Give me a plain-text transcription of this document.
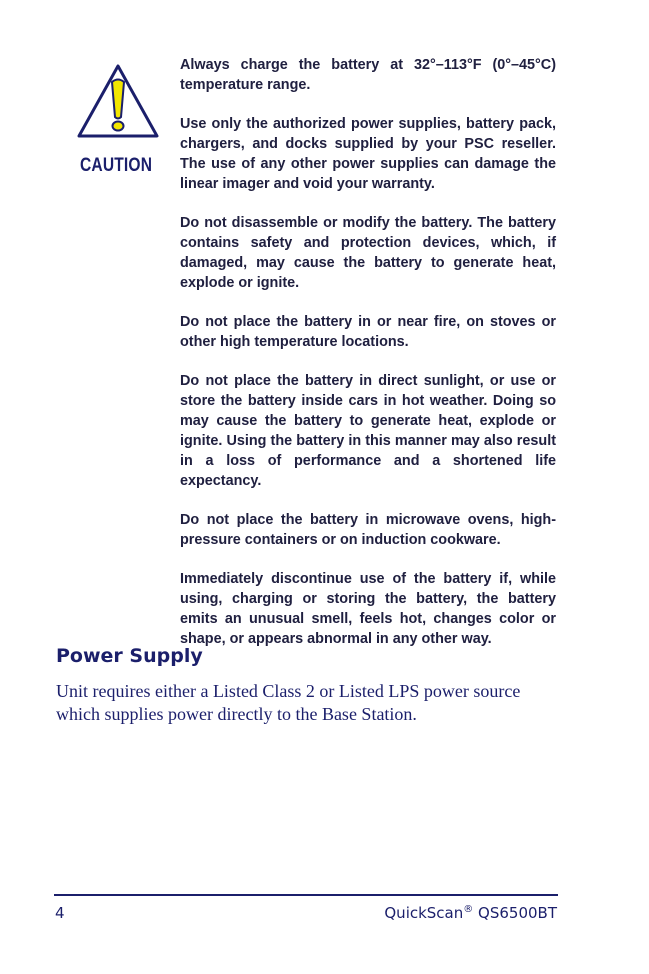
CAUTION

Always charge the battery at 32°–113°F (0°–45°C) temperature range.

Use only the authorized power supplies, battery pack, chargers, and docks supplied by your PSC reseller. The use of any other power supplies can damage the linear imager and void your warranty.

Do not disassemble or modify the battery. The battery contains safety and protection devices, which, if damaged, may cause the battery to generate heat, explode or ignite.

Do not place the battery in or near fire, on stoves or other high temperature locations.

Do not place the battery in direct sunlight, or use or store the battery inside cars in hot weather. Doing so may cause the battery to generate heat, explode or ignite. Using the battery in this manner may also result in a loss of performance and a shortened life expectancy.

Do not place the battery in microwave ovens, high-pressure containers or on induction cookware.

Immediately discontinue use of the battery if, while using, charging or storing the battery, the battery emits an unusual smell, feels hot, changes color or shape, or appears abnormal in any other way.

Power Supply
Unit requires either a Listed Class 2 or Listed LPS power source which supplies power directly to the Base Station.
4	QuickScan® QS6500BT
